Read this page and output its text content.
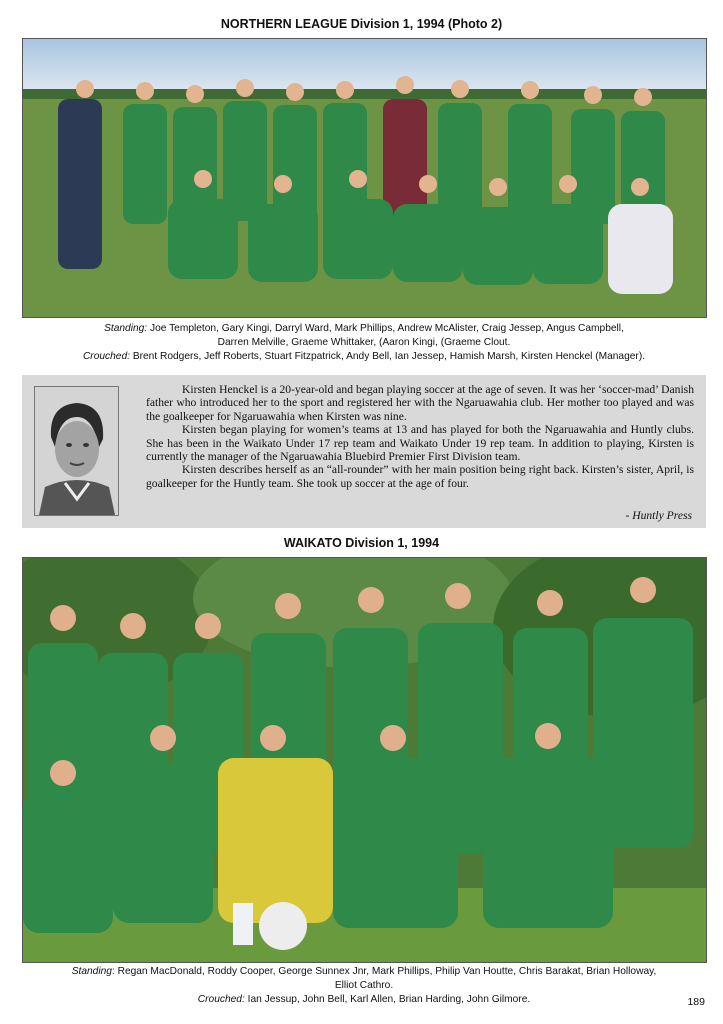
NORTHERN LEAGUE Division 1, 1994 (Photo 2)
Standing: Joe Templeton, Gary Kingi, Darryl Ward, Mark Phillips, Andrew McAlister, Craig Jessep, Angus Campbell,
Darren Melville, Graeme Whittaker, (Aaron Kingi, (Graeme Clout.
Crouched: Brent Rodgers, Jeff Roberts, Stuart Fitzpatrick, Andy Bell, Ian Jessep, Hamish Marsh, Kirsten Henckel (Manager).

Kirsten Henckel is a 20-year-old and began playing soccer at the age of seven. It was her ‘soccer-mad’ Danish father who introduced her to the sport and registered her with the Ngaruawahia club. Her mother too played and was the goalkeeper for Ngaruawahia when Kirsten was nine.

Kirsten began playing for women’s teams at 13 and has played for both the Ngaruawahia and Huntly clubs. She has been in the Waikato Under 17 rep team and Waikato Under 19 rep team. In addition to playing, Kirsten is currently the manager of the Ngaruawahia Bluebird Premier First Division team.

Kirsten describes herself as an “all-rounder” with her main position being right back. Kirsten’s sister, April, is goalkeeper for the Huntly team. She took up soccer at the age of four.

- Huntly Press
WAIKATO Division 1, 1994
Standing: Regan MacDonald, Roddy Cooper, George Sunnex Jnr, Mark Phillips, Philip Van Houtte, Chris Barakat, Brian Holloway,
Elliot Cathro.
Crouched: Ian Jessup, John Bell, Karl Allen, Brian Harding, John Gilmore.	189
